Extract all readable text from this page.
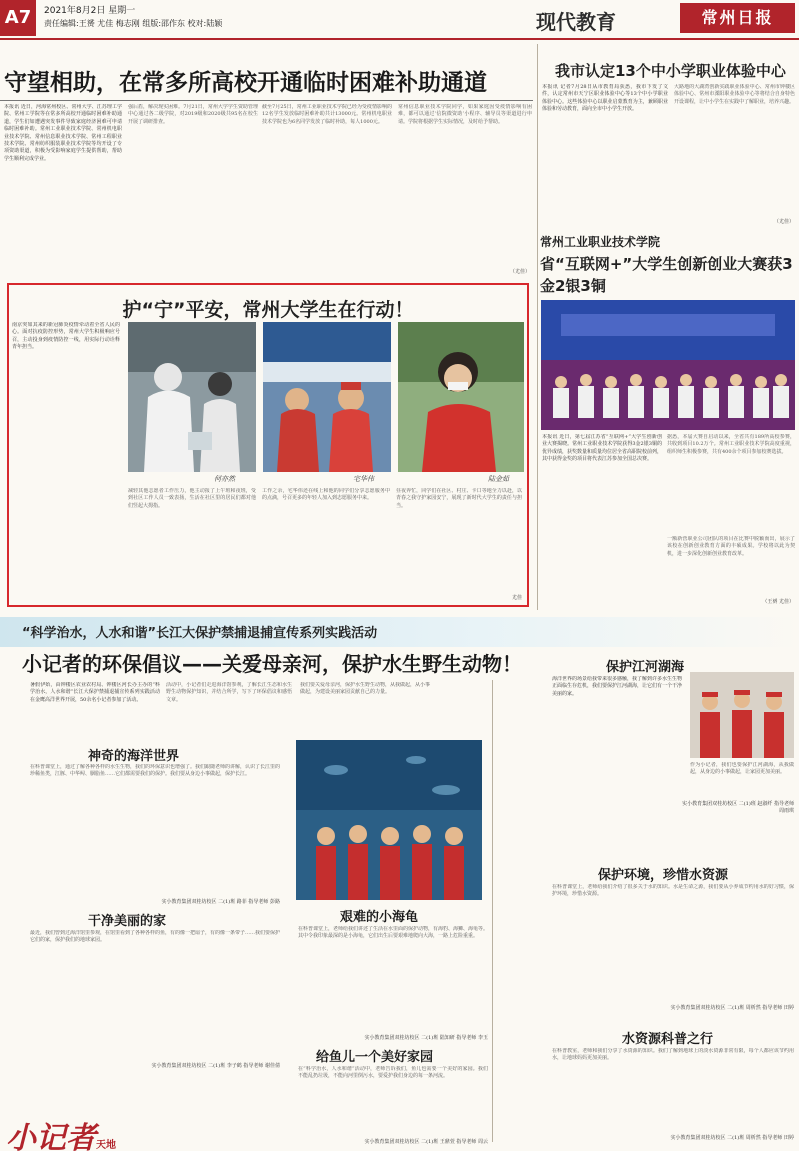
A7	2021年8月2日 星期一
责任编辑:王赟 尤佳 梅志刚 组版:邵作东 校对:陆颖	现代教育	常州日报
守望相助，在常多所高校开通临时困难补助通道
本报讯 近日，河海常州校区、常州大学、江苏理工学院、常州工学院等在常多所高校开通临时困难补助通道，学生们如遭遇突发事件导致家庭经济困难可申请临时困难补助。常州工业职业技术学院、常州机电职业技术学院、常州信息职业技术学院、常州工程职业技术学院、常州纺织服装职业技术学院等均开设了专项资助渠道，积极为受影响家庭学生提供帮助，帮助学生顺利完成学业。
强后盾，解决现实困难。7月21日，常州大学学生资助管理中心通过各二级学院，对2019级和2020级共95名在校生开展了调研排查。
截至7月25日，常州工业职业技术学院已经为受疫情影响的12名学生发放临时困难补助共计13000元。常州机电职业技术学院也为6名同学发放了临时补助，每人1000元。
常州信息职业技术学院同学，如果家庭因受疫情影响有困难，都可以通过‘信院微资助’小程序、辅导员等渠道进行申请。学院将根据学生实际情况，及时给予帮助。
（尤佳）
我市认定13个中小学职业体验中心
本报讯 记者7月28日从市教育局获悉，我市下发了文件，认定常州市天宁区职业体验中心等13个中小学职业体验中心。这些体验中心以职业启蒙教育为主，兼顾职业体验和劳动教育，面向全市中小学生开放。
大路地的大湖湾创新实践职业体验中心、常州市钟楼区体验中心、常州市溧阳职业体验中心等将结合自身特色开设课程，让中小学生在实践中了解职业，培养兴趣。
（尤佳）
常州工业职业技术学院
省“互联网+”大学生创新创业大赛获3金2银3铜
本报讯 近日，第七届江苏省“互联网+”大学生创新创业大赛揭晓。常州工业职业技术学院获得3金2银3铜的优异成绩，获奖数量和质量均位居全省高职院校前列，其中获得金奖的项目将代表江苏参加全国总决赛。
据悉，本届大赛自启动以来，全省共有189所高校参赛，共收到项目10.2万个。常州工业职业技术学院高度重视，组织师生积极参赛，共有400余个项目参加校赛选拔。
一额新营职业公司团队的项目在比赛中脱颖而出，展示了该校在创新创业教育方面的丰硕成果。学校将以此为契机，进一步深化创新创业教育改革。
（王赟 尤佳）
护“宁”平安，常州大学生在行动！
南京突如其来的新冠肺炎疫情牵动着全省人民的心。面对抗疫防控形势，常州大学生积极响应号召，主动投身到疫情防控一线，用实际行动诠释青年担当。
何亦然	宅华伟	陆金茹
减轻其他志愿者工作压力，他主动报了上午班和夜班，受到社区工作人员一致表扬，生活在社区里的居民们都对他们竖起大拇指。
工作之余，宅华伟还在线上和他的同学们分享志愿服务中的点滴，号召更多的年轻人加入到志愿服务中来。
昼夜奔忙，同学们在社区、村庄、卡口等地全力以赴，以青春之我守护家园安宁，展现了新时代大学生的责任与担当。
尤佳
“科学治水，人水和谐”长江大保护禁捕退捕宣传系列实践活动
小记者的环保倡议——关爱母亲河，保护水生野生动物！
暑假伊始，由钟楼区农业农村局、钟楼区河长办主办的“科学治水，人水和谐”长江大保护禁捕退捕宣传系列实践活动在金鹰高洋世界开展，50余名小记者参加了活动。
活动中，小记者们走进海洋馆参观，了解长江生态和水生野生动物保护知识，并结合所学，写下了环保倡议和感悟文章。
我们要关爱母亲河，保护水生野生动物，从我做起，从小事做起，为建设美丽家园贡献自己的力量。
神奇的海洋世界
在科普课堂上，通过了解各种各样的水生生物，我们的环保意识也增强了。我们跟随老师的讲解，认识了长江里的珍稀鱼类，江豚、中华鲟、胭脂鱼……它们都需要我们的保护。我们要从身边小事做起，保护长江。
实小教育集团双桂坊校区 二(1)班 路菲 指导老师 彭路
艰难的小海龟
在科普课堂上，老师给我们讲述了生活在水里面的保护动物，有海豹、海狮、海龟等。其中令我印象最深的是小海龟，它们出生后要艰难地爬向大海，一路上危险重重。
实小教育集团双桂坊校区 二(1)班 陆知研 指导老师 李玉
给鱼儿一个美好家园
在“科学治水，人水和谐”活动中，老师告诉我们，鱼儿也需要一个美好的家园。我们不能乱扔垃圾，不能向河里倒污水，要爱护我们身边的每一条河流。
实小教育集团双桂坊校区 二(1)班 王鼎萱 指导老师 周云
干净美丽的家
最近，我们曾到过海洋馆里参观，在馆里看到了各种各样的鱼，有的像一把扇子，有的像一条带子……我们要保护它们的家，保护我们的地球家园。
实小教育集团双桂坊校区 二(1)班 李子鹤 指导老师 谢佳倩
保护江河湖海
海洋世界的场景给我带来很多感触，我了解到许多水生生物正面临生存危机，我们要保护江河湖海，让它们有一个干净美丽的家。
作为小记者，我们也要保护江河湖海，从我做起，从身边的小事做起，让家园更加美丽。
实小教育集团双桂坊校区 二(1)班 赵淑纤 指导老师 周雨琪
保护环境，珍惜水资源
在科普课堂上，老师给我们介绍了很多关于水的知识。水是生命之源，我们要从小养成节约用水的好习惯，保护环境，珍惜水资源。
实小教育集团双桂坊校区 二(1)班 周析然 指导老师 田婷
水资源科普之行
在科普教室，老师和我们分享了水资源的知识。我们了解到地球上的淡水资源非常有限，每个人都应该节约用水，让地球妈妈更加美丽。
实小教育集团双桂坊校区 二(1)班 周析然 指导老师 田婷
小记者天地
